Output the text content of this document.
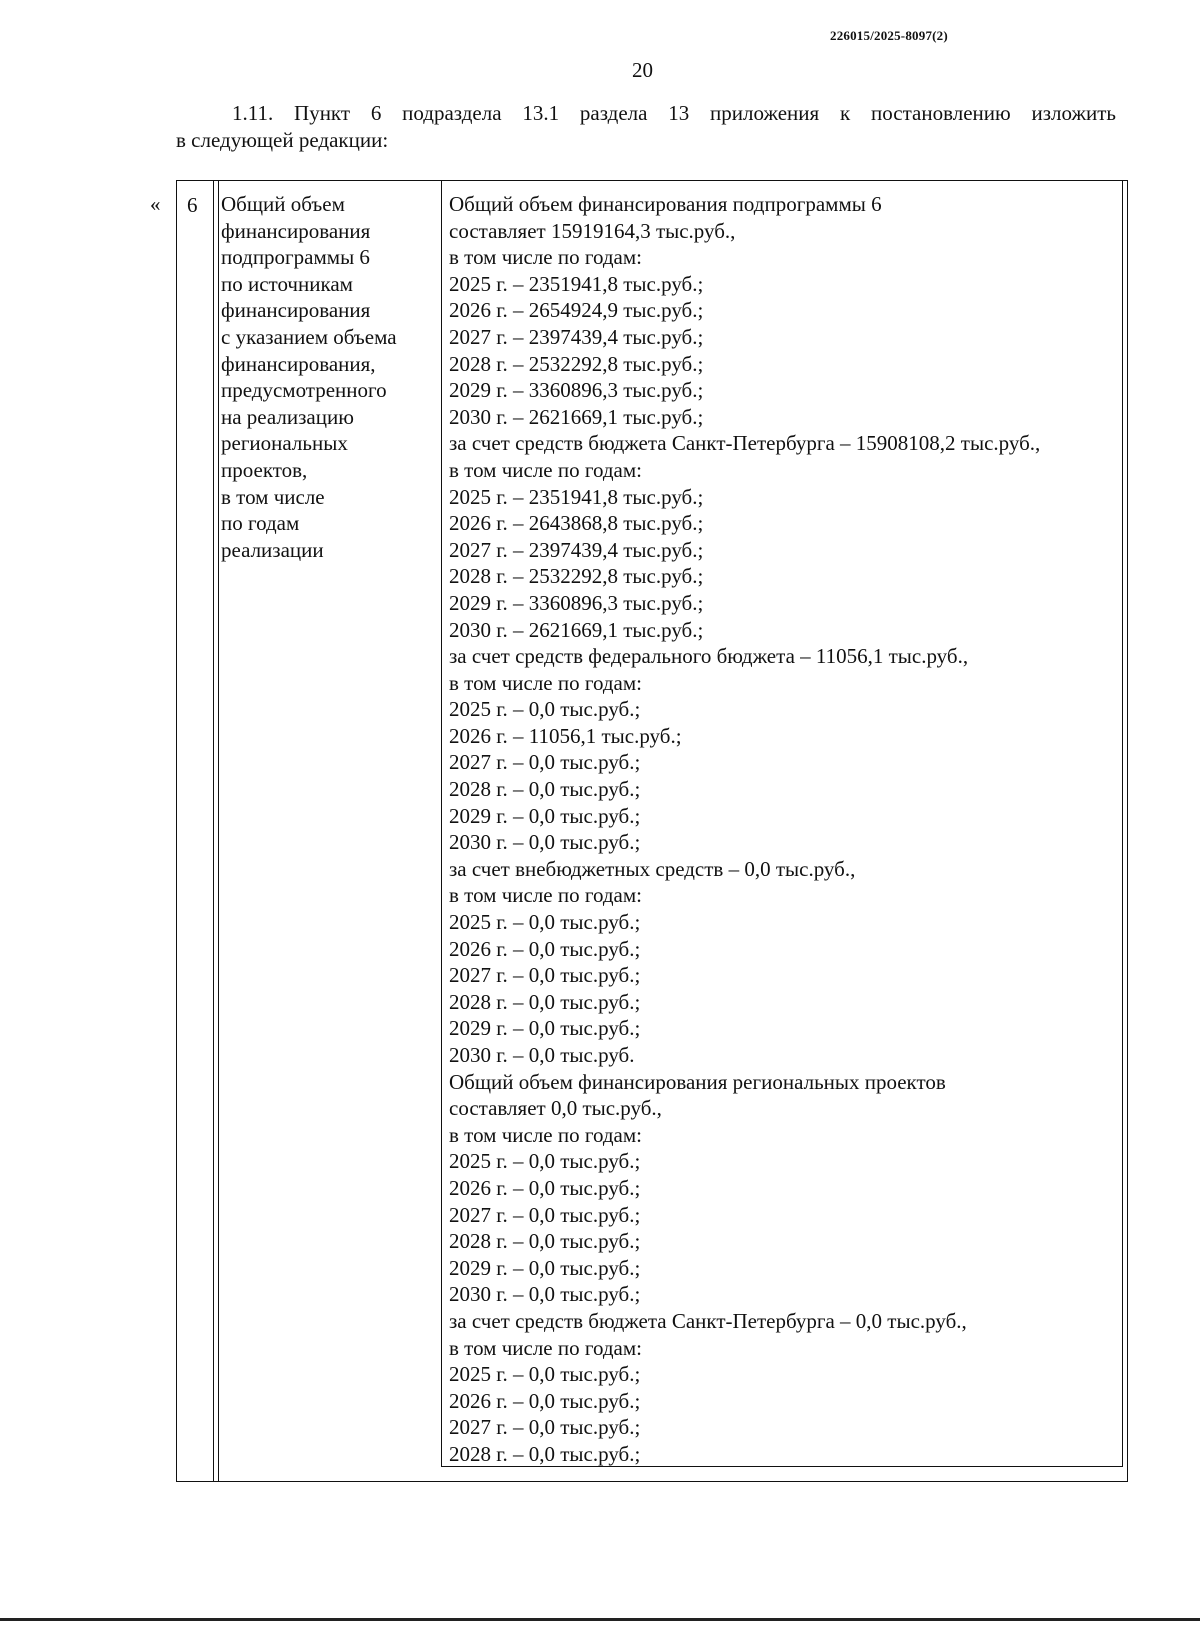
226015/2025-8097(2)
20
1.11. Пункт 6 подраздела 13.1 раздела 13 приложения к постановлению изложить
в следующей редакции:
« 6 Общий объем
финансирования
подпрограммы 6
по источникам
финансирования
с указанием объема
финансирования,
предусмотренного
на реализацию
региональных
проектов,
в том числе
по годам
реализации
Общий объем финансирования подпрограммы 6
составляет 15919164,3 тыс.руб.,
в том числе по годам:
2025 г. – 2351941,8 тыс.руб.;
2026 г. – 2654924,9 тыс.руб.;
2027 г. – 2397439,4 тыс.руб.;
2028 г. – 2532292,8 тыс.руб.;
2029 г. – 3360896,3 тыс.руб.;
2030 г. – 2621669,1 тыс.руб.;
за счет средств бюджета Санкт-Петербурга – 15908108,2 тыс.руб.,
в том числе по годам:
2025 г. – 2351941,8 тыс.руб.;
2026 г. – 2643868,8 тыс.руб.;
2027 г. – 2397439,4 тыс.руб.;
2028 г. – 2532292,8 тыс.руб.;
2029 г. – 3360896,3 тыс.руб.;
2030 г. – 2621669,1 тыс.руб.;
за счет средств федерального бюджета – 11056,1 тыс.руб.,
в том числе по годам:
2025 г. – 0,0 тыс.руб.;
2026 г. – 11056,1 тыс.руб.;
2027 г. – 0,0 тыс.руб.;
2028 г. – 0,0 тыс.руб.;
2029 г. – 0,0 тыс.руб.;
2030 г. – 0,0 тыс.руб.;
за счет внебюджетных средств – 0,0 тыс.руб.,
в том числе по годам:
2025 г. – 0,0 тыс.руб.;
2026 г. – 0,0 тыс.руб.;
2027 г. – 0,0 тыс.руб.;
2028 г. – 0,0 тыс.руб.;
2029 г. – 0,0 тыс.руб.;
2030 г. – 0,0 тыс.руб.
Общий объем финансирования региональных проектов
составляет 0,0 тыс.руб.,
в том числе по годам:
2025 г. – 0,0 тыс.руб.;
2026 г. – 0,0 тыс.руб.;
2027 г. – 0,0 тыс.руб.;
2028 г. – 0,0 тыс.руб.;
2029 г. – 0,0 тыс.руб.;
2030 г. – 0,0 тыс.руб.;
за счет средств бюджета Санкт-Петербурга – 0,0 тыс.руб.,
в том числе по годам:
2025 г. – 0,0 тыс.руб.;
2026 г. – 0,0 тыс.руб.;
2027 г. – 0,0 тыс.руб.;
2028 г. – 0,0 тыс.руб.;
